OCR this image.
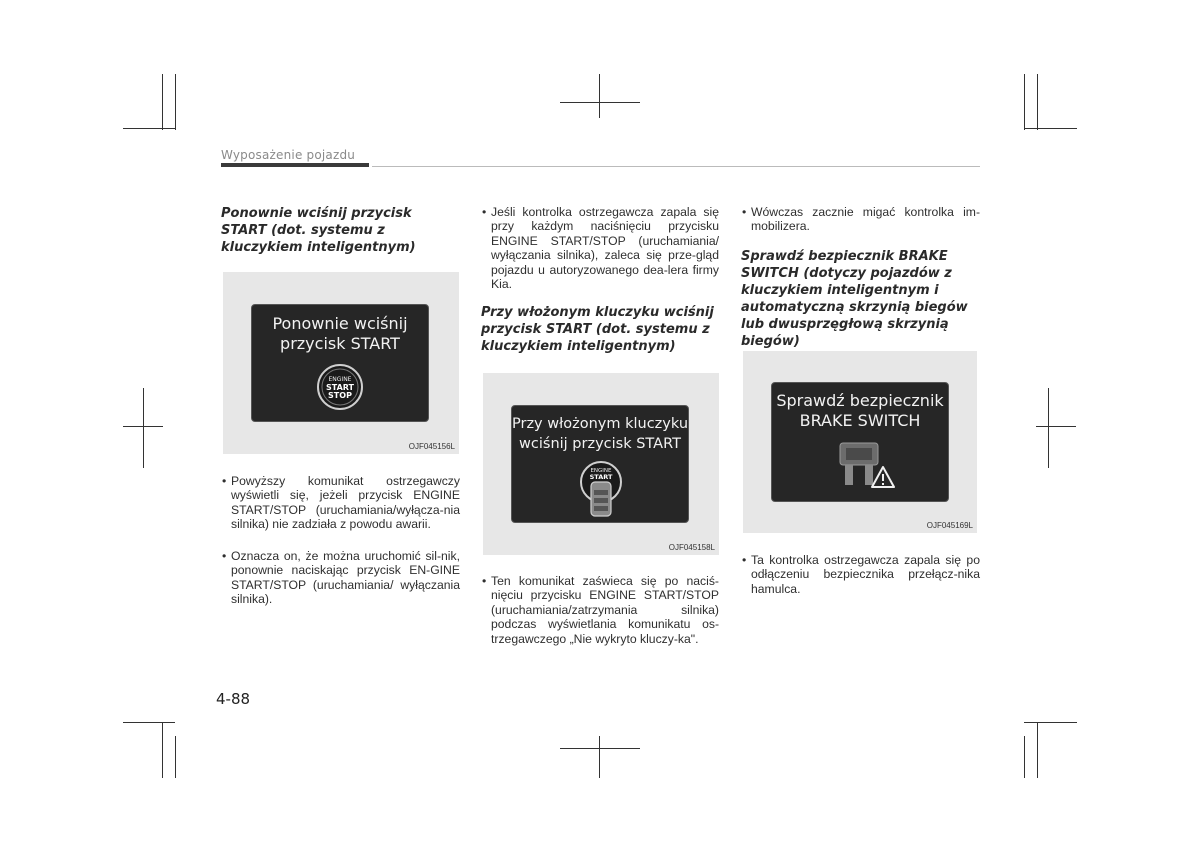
Wyposażenie pojazdu
Ponownie wciśnij przycisk START (dot. systemu z kluczykiem inteligentnym)
Ponownie wciśnij
przycisk START
ENGINE
START
STOP
OJF045156L
• Powyższy komunikat ostrzegawczy wyświetli się, jeżeli przycisk ENGINE START/STOP (uruchamiania/wyłącza-nia silnika) nie zadziała z powodu awarii.
• Oznacza on, że można uruchomić sil-nik, ponownie naciskając przycisk EN-GINE START/STOP (uruchamiania/ wyłączania silnika).
• Jeśli kontrolka ostrzegawcza zapala się przy każdym naciśnięciu przycisku ENGINE START/STOP (uruchamiania/ wyłączania silnika), zaleca się prze-gląd pojazdu u autoryzowanego dea-lera firmy Kia.
Przy włożonym kluczyku wciśnij przycisk START (dot. systemu z kluczykiem inteligentnym)
Przy włożonym kluczyku
wciśnij przycisk START
ENGINE
START
OJF045158L
• Ten komunikat zaświeca się po naciś-nięciu przycisku ENGINE START/STOP (uruchamiania/zatrzymania silnika) podczas wyświetlania komunikatu os-trzegawczego „Nie wykryto kluczy-ka".
• Wówczas zacznie migać kontrolka im-mobilizera.
Sprawdź bezpiecznik BRAKE SWITCH (dotyczy pojazdów z kluczykiem inteligentnym i automatyczną skrzynią biegów lub dwusprzęgłową skrzynią biegów)
Sprawdź bezpiecznik
BRAKE SWITCH
OJF045169L
• Ta kontrolka ostrzegawcza zapala się po odłączeniu bezpiecznika przełącz-nika hamulca.
4-88
